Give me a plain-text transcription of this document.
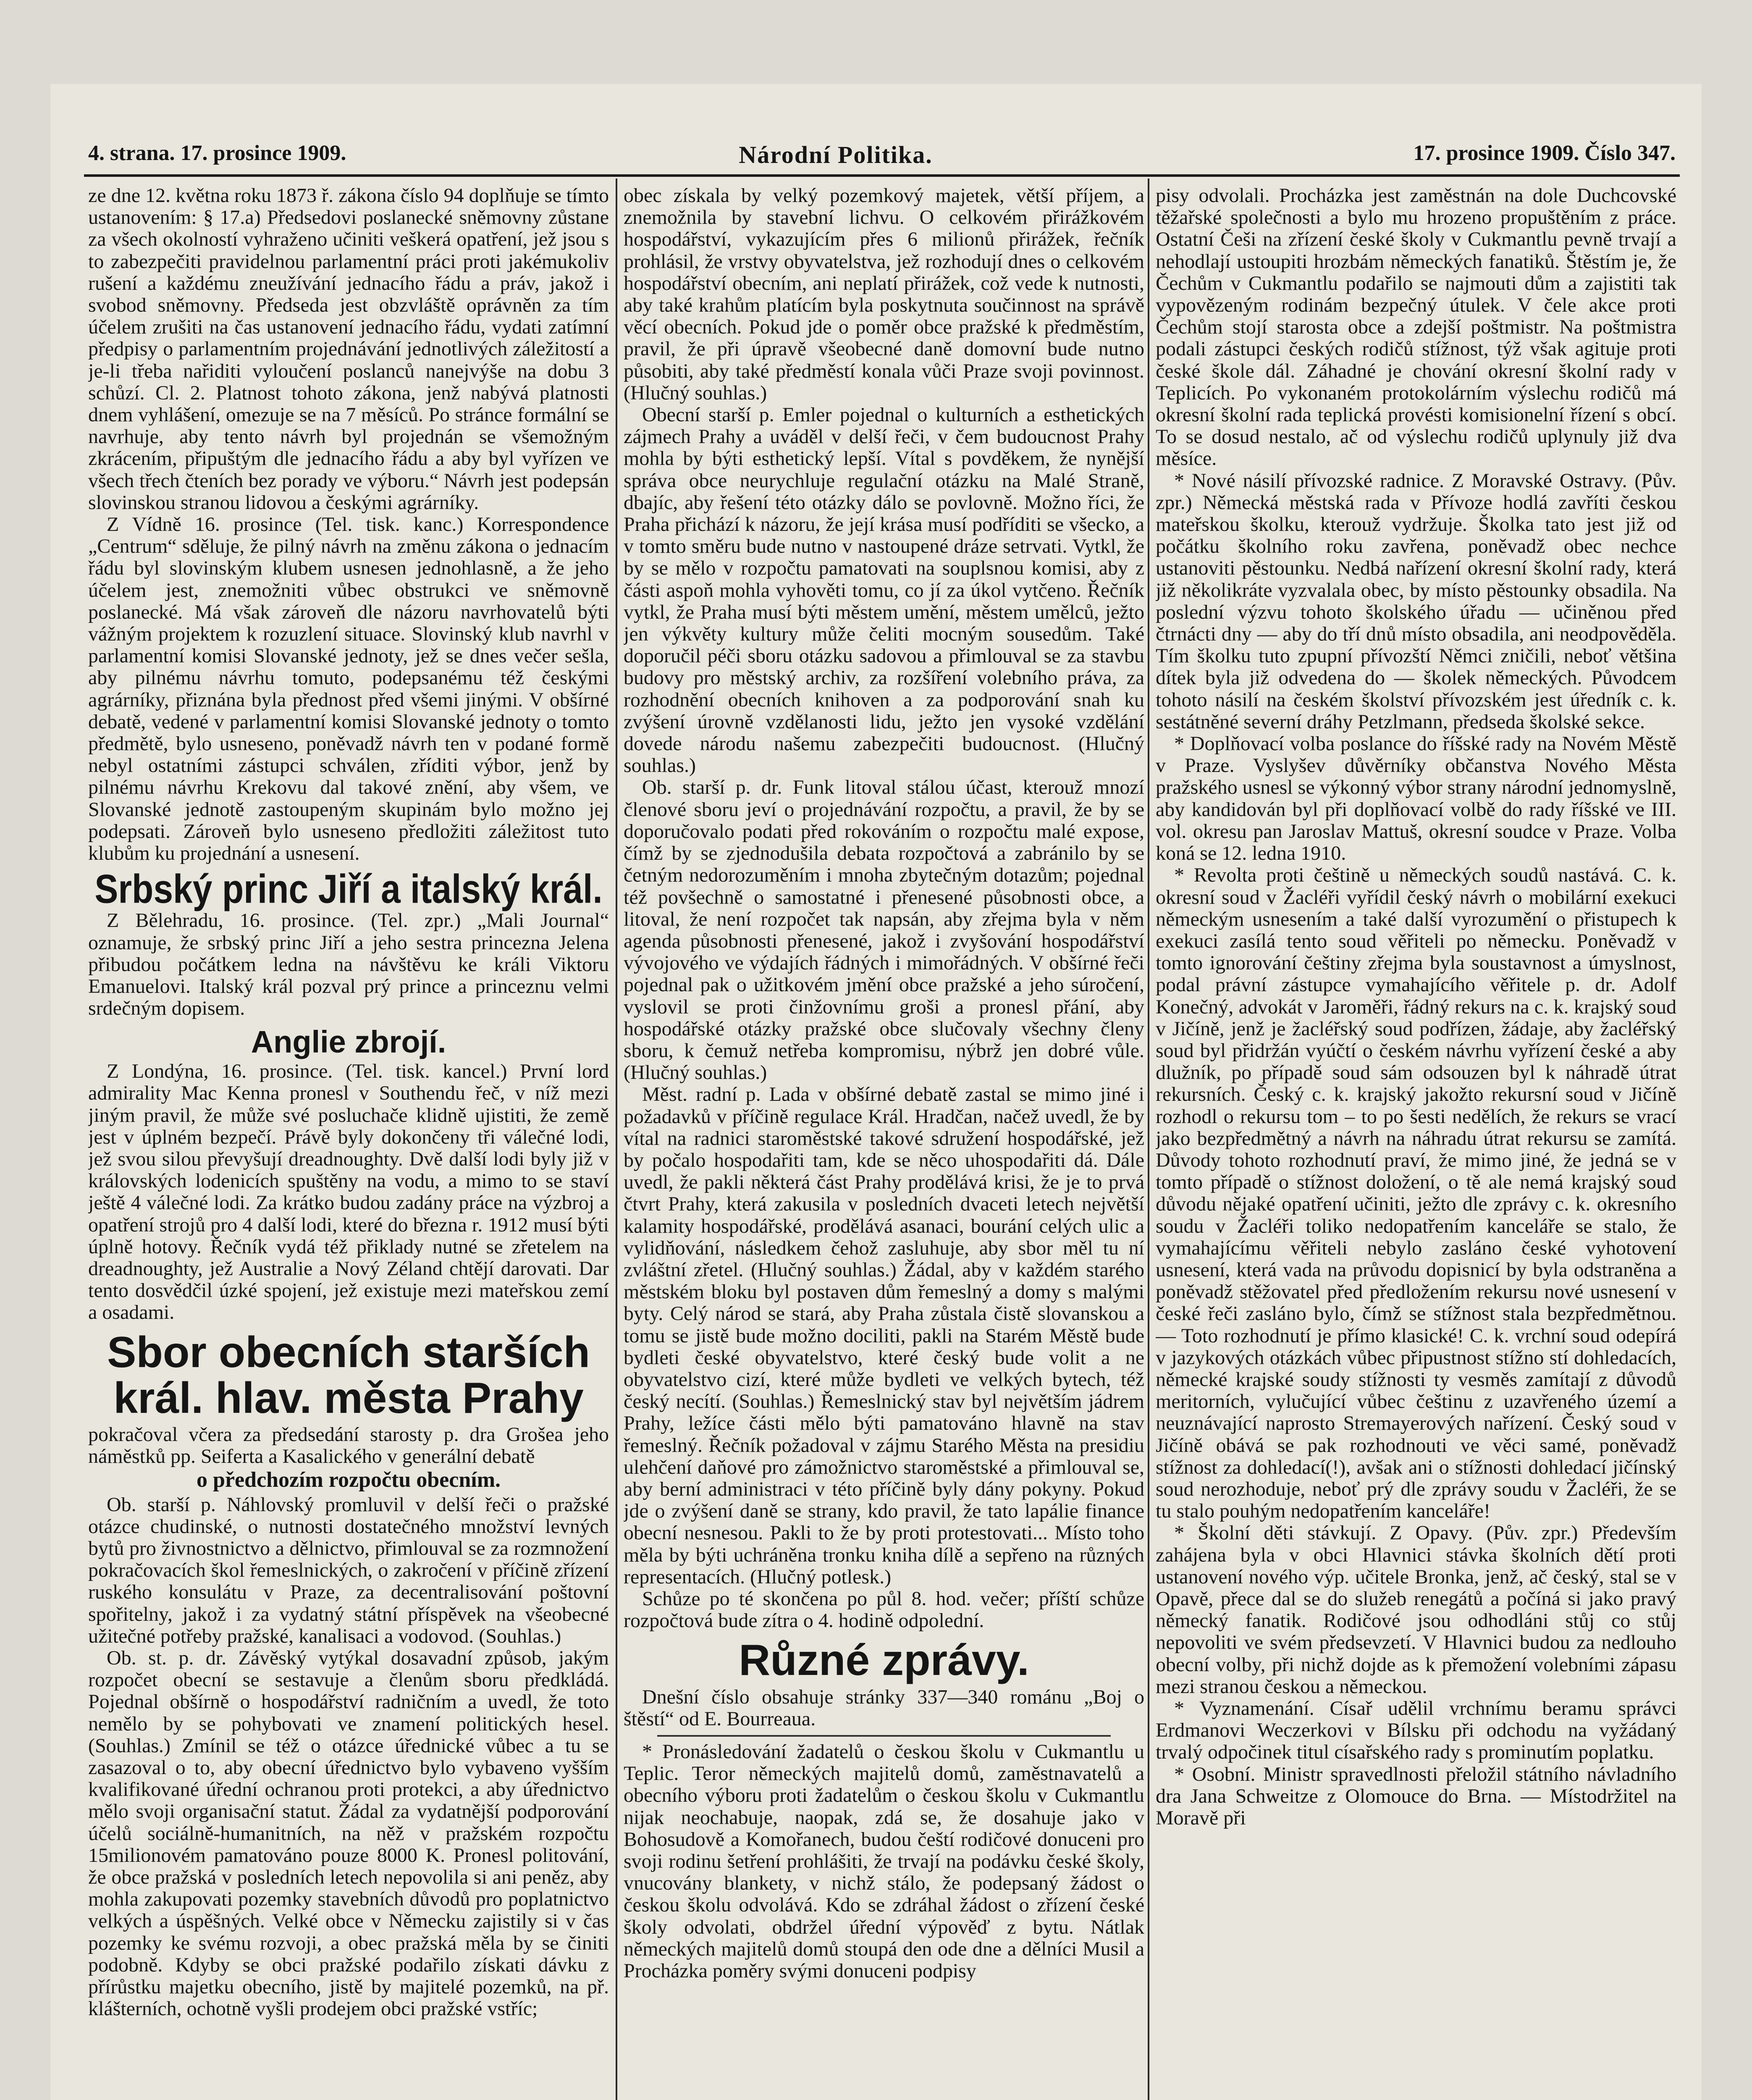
4. strana. 17. prosince 1909.	Národní Politika.	17. prosince 1909. Číslo 347.

ze dne 12. května roku 1873 ř. zákona číslo 94 doplňuje se tímto ustanovením: § 17.a) Předsedovi poslanecké sněmovny zůstane za všech okolností vyhraženo učiniti veškerá opatření, jež jsou s to zabezpečiti pravidelnou parlamentní práci proti jakémukoliv rušení a každému zneužívání jednacího řádu a práv, jakož i svobod sněmovny. Předseda jest obzvláště oprávněn za tím účelem zrušiti na čas ustanovení jednacího řádu, vydati zatímní předpisy o parlamentním projednávání jednotlivých záležitostí a je-li třeba nařiditi vyloučení poslanců nanejvýše na dobu 3 schůzí. Cl. 2. Platnost tohoto zákona, jenž nabývá platnosti dnem vyhlášení, omezuje se na 7 měsíců. Po stránce formální se navrhuje, aby tento návrh byl projednán se všemožným zkrácením, připuštým dle jednacího řádu a aby byl vyřízen ve všech třech čteních bez porady ve výboru.“ Návrh jest podepsán slovinskou stranou lidovou a českými agrárníky.

Z Vídně 16. prosince (Tel. tisk. kanc.) Korrespondence „Centrum“ sděluje, že pilný návrh na změnu zákona o jednacím řádu byl slovinským klubem usnesen jednohlasně, a že jeho účelem jest, znemožniti vůbec obstrukci ve sněmovně poslanecké. Má však zároveň dle názoru navrhovatelů býti vážným projektem k rozuzlení situace. Slovinský klub navrhl v parlamentní komisi Slovanské jednoty, jež se dnes večer sešla, aby pilnému návrhu tomuto, podepsanému též českými agrárníky, přiznána byla přednost před všemi jinými. V obšírné debatě, vedené v parlamentní komisi Slovanské jednoty o tomto předmětě, bylo usneseno, poněvadž návrh ten v podané formě nebyl ostatními zástupci schválen, zříditi výbor, jenž by pilnému návrhu Krekovu dal takové znění, aby všem, ve Slovanské jednotě zastoupeným skupinám bylo možno jej podepsati. Zároveň bylo usneseno předložiti záležitost tuto klubům ku projednání a usnesení.

Srbský princ Jiří a italský král.

Z Bělehradu, 16. prosince. (Tel. zpr.) „Mali Journal“ oznamuje, že srbský princ Jiří a jeho sestra princezna Jelena přibudou počátkem ledna na návštěvu ke králi Viktoru Emanuelovi. Italský král pozval prý prince a princeznu velmi srdečným dopisem.

Anglie zbrojí.

Z Londýna, 16. prosince. (Tel. tisk. kancel.) První lord admirality Mac Kenna pronesl v Southendu řeč, v níž mezi jiným pravil, že může své posluchače klidně ujistiti, že země jest v úplném bezpečí. Právě byly dokončeny tři válečné lodi, jež svou silou převyšují dreadnoughty. Dvě další lodi byly již v královských lodenicích spuštěny na vodu, a mimo to se staví ještě 4 válečné lodi. Za krátko budou zadány práce na výzbroj a opatření strojů pro 4 další lodi, které do března r. 1912 musí býti úplně hotovy. Řečník vydá též přiklady nutné se zřetelem na dreadnoughty, jež Australie a Nový Zéland chtějí darovati. Dar tento dosvědčil úzké spojení, jež existuje mezi mateřskou zemí a osadami.

Sbor obecních starších král. hlav. města Prahy

pokračoval včera za předsedání starosty p. dra Grošea jeho náměstků pp. Seiferta a Kasalického v generální debatě

o předchozím rozpočtu obecním.

Ob. starší p. Náhlovský promluvil v delší řeči o pražské otázce chudinské, o nutnosti dostatečného množství levných bytů pro živnostnictvo a dělnictvo, přimlouval se za rozmnožení pokračovacích škol řemeslnických, o zakročení v příčině zřízení ruského konsulátu v Praze, za decentralisování poštovní spořitelny, jakož i za vydatný státní příspěvek na všeobecné užitečné potřeby pražské, kanalisaci a vodovod. (Souhlas.)

Ob. st. p. dr. Závěský vytýkal dosavadní způsob, jakým rozpočet obecní se sestavuje a členům sboru předkládá. Pojednal obšírně o hospodářství radničním a uvedl, že toto nemělo by se pohybovati ve znamení politických hesel. (Souhlas.) Zmínil se též o otázce úřednické vůbec a tu se zasazoval o to, aby obecní úřednictvo bylo vybaveno vyšším kvalifikované úřední ochranou proti protekci, a aby úřednictvo mělo svoji organisační statut. Žádal za vydatnější podporování účelů sociálně-humanitních, na něž v pražském rozpočtu 15milionovém pamatováno pouze 8000 K. Pronesl politování, že obce pražská v posledních letech nepovolila si ani peněz, aby mohla zakupovati pozemky stavebních důvodů pro poplatnictvo velkých a úspěšných. Velké obce v Německu zajistily si v čas pozemky ke svému rozvoji, a obec pražská měla by se činiti podobně. Kdyby se obci pražské podařilo získati dávku z přírůstku majetku obecního, jistě by majitelé pozemků, na př. klášterních, ochotně vyšli prodejem obci pražské vstříc;

obec získala by velký pozemkový majetek, větší příjem, a znemožnila by stavební lichvu. O celkovém přirážkovém hospodářství, vykazujícím přes 6 milionů přirážek, řečník prohlásil, že vrstvy obyvatelstva, jež rozhodují dnes o celkovém hospodářství obecním, ani neplatí přirážek, což vede k nutnosti, aby také krahům platícím byla poskytnuta součinnost na správě věcí obecních. Pokud jde o poměr obce pražské k předměstím, pravil, že při úpravě všeobecné daně domovní bude nutno působiti, aby také předměstí konala vůči Praze svoji povinnost. (Hlučný souhlas.)

Obecní starší p. Emler pojednal o kulturních a esthetických zájmech Prahy a uváděl v delší řeči, v čem budoucnost Prahy mohla by býti esthetický lepší. Vítal s povděkem, že nynější správa obce neurychluje regulační otázku na Malé Straně, dbajíc, aby řešení této otázky dálo se povlovně. Možno říci, že Praha přichází k názoru, že její krása musí podříditi se všecko, a v tomto směru bude nutno v nastoupené dráze setrvati. Vytkl, že by se mělo v rozpočtu pamatovati na souplsnou komisi, aby z části aspoň mohla vyhověti tomu, co jí za úkol vytčeno. Řečník vytkl, že Praha musí býti městem umění, městem umělců, ježto jen výkvěty kultury může čeliti mocným sousedům. Také doporučil péči sboru otázku sadovou a přimlouval se za stavbu budovy pro městský archiv, za rozšíření volebního práva, za rozhodnění obecních knihoven a za podporování snah ku zvýšení úrovně vzdělanosti lidu, ježto jen vysoké vzdělání dovede národu našemu zabezpečiti budoucnost. (Hlučný souhlas.)

Ob. starší p. dr. Funk litoval stálou účast, kterouž mnozí členové sboru jeví o projednávání rozpočtu, a pravil, že by se doporučovalo podati před rokováním o rozpočtu malé expose, čímž by se zjednodušila debata rozpočtová a zabránilo by se četným nedorozuměním i mnoha zbytečným dotazům; pojednal též povšechně o samostatné i přenesené působnosti obce, a litoval, že není rozpočet tak napsán, aby zřejma byla v něm agenda působnosti přenesené, jakož i zvyšování hospodářství vývojového ve výdajích řádných i mimořádných. V obšírné řeči pojednal pak o užitkovém jmění obce pražské a jeho súročení, vyslovil se proti činžovnímu groši a pronesl přání, aby hospodářské otázky pražské obce slučovaly všechny členy sboru, k čemuž netřeba kompromisu, nýbrž jen dobré vůle. (Hlučný souhlas.)

Měst. radní p. Lada v obšírné debatě zastal se mimo jiné i požadavků v příčině regulace Král. Hradčan, načež uvedl, že by vítal na radnici staroměstské takové sdružení hospodářské, jež by počalo hospodařiti tam, kde se něco uhospodařiti dá. Dále uvedl, že pakli některá část Prahy prodělává krisi, že je to prvá čtvrt Prahy, která zakusila v posledních dvaceti letech největší kalamity hospodářské, prodělává asanaci, bourání celých ulic a vylidňování, následkem čehož zasluhuje, aby sbor měl tu ní zvláštní zřetel. (Hlučný souhlas.) Žádal, aby v každém starého městském bloku byl postaven dům řemeslný a domy s malými byty. Celý národ se stará, aby Praha zůstala čistě slovanskou a tomu se jistě bude možno dociliti, pakli na Starém Městě bude bydleti české obyvatelstvo, které český bude volit a ne obyvatelstvo cizí, které může bydleti ve velkých bytech, též český necítí. (Souhlas.) Řemeslnický stav byl největším jádrem Prahy, ležíce části mělo býti pamatováno hlavně na stav řemeslný. Řečník požadoval v zájmu Starého Města na presidiu ulehčení daňové pro zámožnictvo staroměstské a přimlouval se, aby berní administraci v této příčině byly dány pokyny. Pokud jde o zvýšení daně se strany, kdo pravil, že tato lapálie finance obecní nesnesou. Pakli to že by proti protestovati... Místo toho měla by býti uchráněna tronku kniha dílě a sepřeno na různých representacích. (Hlučný potlesk.)

Schůze po té skončena po půl 8. hod. večer; příští schůze rozpočtová bude zítra o 4. hodině odpolední.

Různé zprávy.

Dnešní číslo obsahuje stránky 337—340 románu „Boj o štěstí“ od E. Bourreaua.

* Pronásledování žadatelů o českou školu v Cukmantlu u Teplic. Teror německých majitelů domů, zaměstnavatelů a obecního výboru proti žadatelům o českou školu v Cukmantlu nijak neochabuje, naopak, zdá se, že dosahuje jako v Bohosudově a Komořanech, budou čeští rodičové donuceni pro svoji rodinu šetření prohlášiti, že trvají na podávku české školy, vnucovány blankety, v nichž stálo, že podepsaný žádost o českou školu odvolává. Kdo se zdráhal žádost o zřízení české školy odvolati, obdržel úřední výpověď z bytu. Nátlak německých majitelů domů stoupá den ode dne a dělníci Musil a Procházka poměry svými donuceni podpisy

pisy odvolali. Procházka jest zaměstnán na dole Duchcovské těžařské společnosti a bylo mu hrozeno propuštěním z práce. Ostatní Češi na zřízení české školy v Cukmantlu pevně trvají a nehodlají ustoupiti hrozbám německých fanatiků. Štěstím je, že Čechům v Cukmantlu podařilo se najmouti dům a zajistiti tak vypovězeným rodinám bezpečný útulek. V čele akce proti Čechům stojí starosta obce a zdejší poštmistr. Na poštmistra podali zástupci českých rodičů stížnost, týž však agituje proti české škole dál. Záhadné je chování okresní školní rady v Teplicích. Po vykonaném protokolárním výslechu rodičů má okresní školní rada teplická provésti komisionelní řízení s obcí. To se dosud nestalo, ač od výslechu rodičů uplynuly již dva měsíce.

* Nové násilí přívozské radnice. Z Moravské Ostravy. (Pův. zpr.) Německá městská rada v Přívoze hodlá zavříti českou mateřskou školku, kterouž vydržuje. Školka tato jest již od počátku školního roku zavřena, poněvadž obec nechce ustanoviti pěstounku. Nedbá nařízení okresní školní rady, která již několikráte vyzvalala obec, by místo pěstounky obsadila. Na poslední výzvu tohoto školského úřadu — učiněnou před čtrnácti dny — aby do tří dnů místo obsadila, ani neodpověděla. Tím školku tuto zpupní přívozští Němci zničili, neboť většina dítek byla již odvedena do — školek německých. Původcem tohoto násilí na českém školství přívozském jest úředník c. k. sestátněné severní dráhy Petzlmann, předseda školské sekce.

* Doplňovací volba poslance do říšské rady na Novém Městě v Praze. Vyslyšev důvěrníky občanstva Nového Města pražského usnesl se výkonný výbor strany národní jednomyslně, aby kandidován byl při doplňovací volbě do rady říšské ve III. vol. okresu pan Jaroslav Mattuš, okresní soudce v Praze. Volba koná se 12. ledna 1910.

* Revolta proti češtině u německých soudů nastává. C. k. okresní soud v Žacléři vyřídil český návrh o mobilární exekuci německým usnesením a také další vyrozumění o přistupech k exekuci zasílá tento soud věřiteli po německu. Poněvadž v tomto ignorování češtiny zřejma byla soustavnost a úmyslnost, podal právní zástupce vymahajícího věřitele p. dr. Adolf Konečný, advokát v Jaroměři, řádný rekurs na c. k. krajský soud v Jičíně, jenž je žacléřský soud podřízen, žádaje, aby žacléřský soud byl přidržán vyúčtí o českém návrhu vyřízení české a aby dlužník, po případě soud sám odsouzen byl k náhradě útrat rekursních. Český c. k. krajský jakožto rekursní soud v Jičíně rozhodl o rekursu tom – to po šesti nedělích, že rekurs se vrací jako bezpředmětný a návrh na náhradu útrat rekursu se zamítá. Důvody tohoto rozhodnutí praví, že mimo jiné, že jedná se v tomto případě o stížnost doložení, o tě ale nemá krajský soud důvodu nějaké opatření učiniti, ježto dle zprávy c. k. okresního soudu v Žacléři toliko nedopatřením kanceláře se stalo, že vymahajícímu věřiteli nebylo zasláno české vyhotovení usnesení, která vada na průvodu dopisnicí by byla odstraněna a poněvadž stěžovatel před předložením rekursu nové usnesení v české řeči zasláno bylo, čímž se stížnost stala bezpředmětnou. — Toto rozhodnutí je přímo klasické! C. k. vrchní soud odepírá v jazykových otázkách vůbec připustnost stížno stí dohledacích, německé krajské soudy stížnosti ty vesměs zamítají z důvodů meritorních, vylučující vůbec češtinu z uzavřeného území a neuznávající naprosto Stremayerových nařízení. Český soud v Jičíně obává se pak rozhodnouti ve věci samé, poněvadž stížnost za dohledací(!), avšak ani o stížnosti dohledací jičínský soud nerozhoduje, neboť prý dle zprávy soudu v Žacléři, že se tu stalo pouhým nedopatřením kanceláře!

* Školní děti stávkují. Z Opavy. (Pův. zpr.) Především zahájena byla v obci Hlavnici stávka školních dětí proti ustanovení nového výp. učitele Bronka, jenž, ač český, stal se v Opavě, přece dal se do služeb renegátů a počíná si jako pravý německý fanatik. Rodičové jsou odhodláni stůj co stůj nepovoliti ve svém předsevzetí. V Hlavnici budou za nedlouho obecní volby, při nichž dojde as k přemožení volebními zápasu mezi stranou českou a německou.

* Vyznamenání. Císař udělil vrchnímu beramu správci Erdmanovi Weczerkovi v Bílsku při odchodu na vyžádaný trvalý odpočinek titul císařského rady s prominutím poplatku.

* Osobní. Ministr spravedlnosti přeložil státního návladního dra Jana Schweitze z Olomouce do Brna. — Místodržitel na Moravě při
